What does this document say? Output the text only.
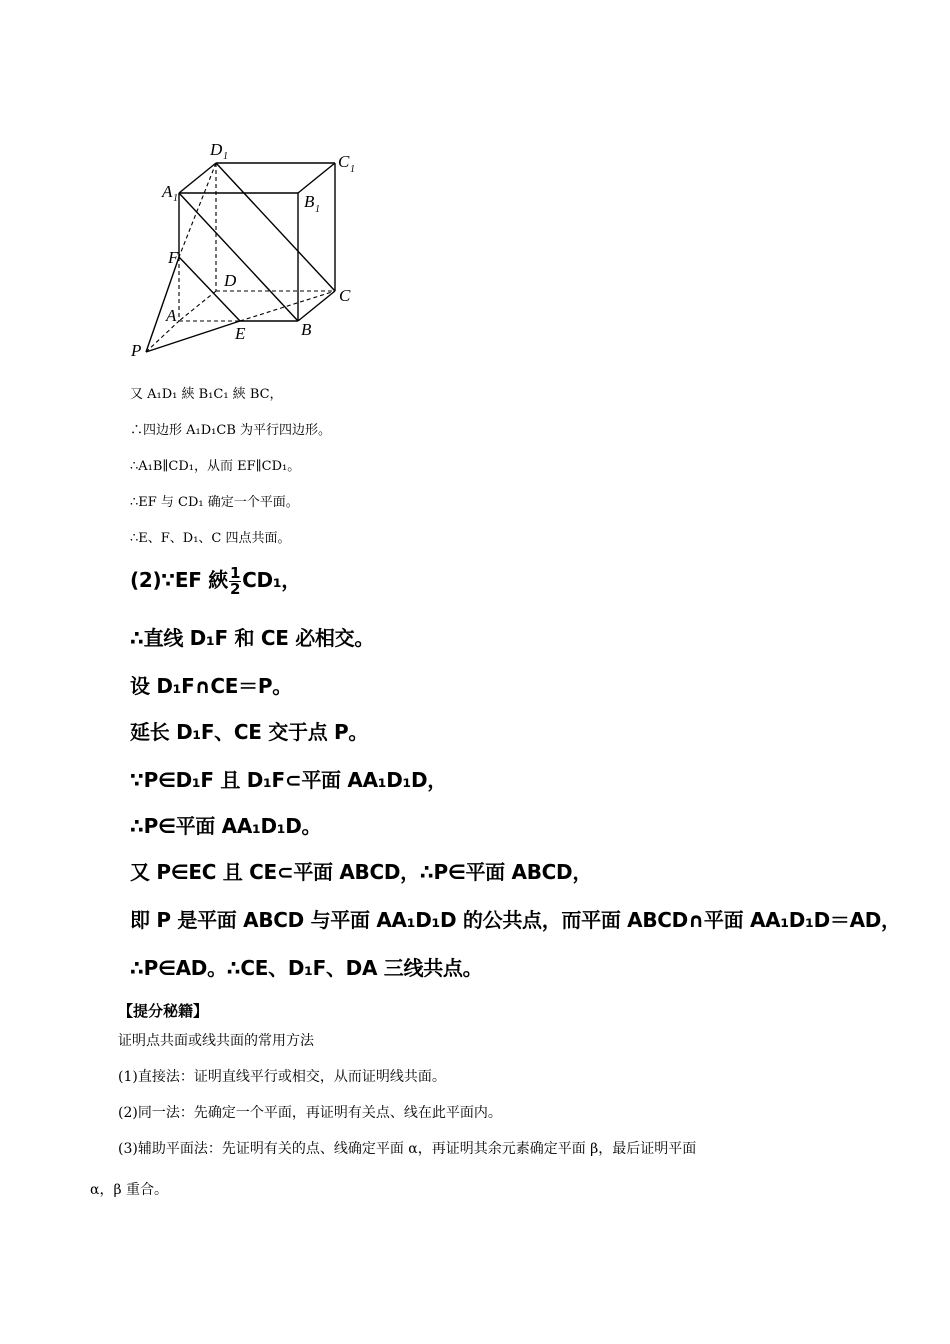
D 1	C 1
A 1	B 1
F
D
C
A
E	B
P
又 A₁D₁ 綊 B₁C₁ 綊 BC，
∴四边形 A₁D₁CB 为平行四边形。
∴A₁B∥CD₁，从而 EF∥CD₁。
∴EF 与 CD₁ 确定一个平面。
∴E、F、D₁、C 四点共面。
(2)∵EF 綊 $\frac{1}{2} CD_1$，
∴直线 D₁F 和 CE 必相交。
设 D₁F∩CE＝P。
延长 D₁F、CE 交于点 P。
∵P∈D₁F 且 D₁F⊂平面 AA₁D₁D，
∴P∈平面 AA₁D₁D。
又 P∈EC 且 CE⊂平面 ABCD，∴P∈平面 ABCD，
即 P 是平面 ABCD 与平面 AA₁D₁D 的公共点，而平面 ABCD∩平面 AA₁D₁D＝AD，
∴P∈AD。∴CE、D₁F、DA 三线共点。
【提分秘籍】
证明点共面或线共面的常用方法
(1)直接法：证明直线平行或相交，从而证明线共面。
(2)同一法：先确定一个平面，再证明有关点、线在此平面内。
(3)辅助平面法：先证明有关的点、线确定平面 α，再证明其余元素确定平面 β，最后证明平面
α，β 重合。
